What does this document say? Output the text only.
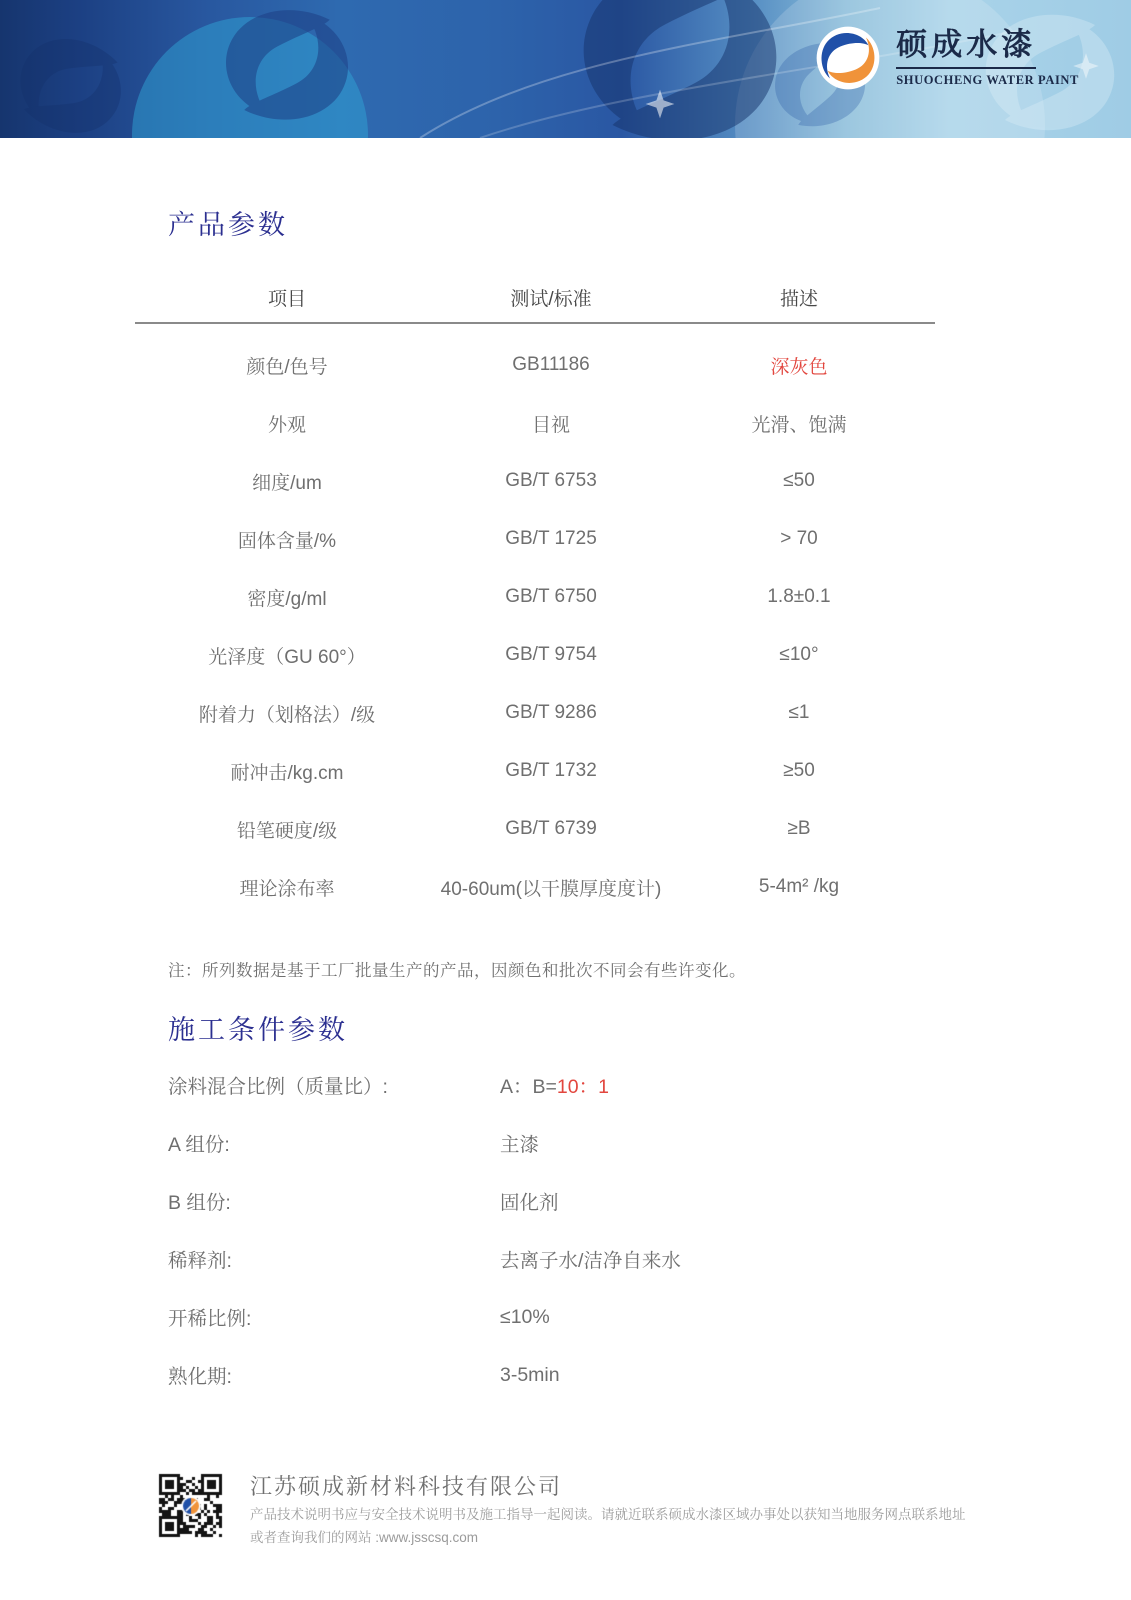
硕成水漆
SHUOCHENG WATER PAINT
产品参数
项目	测试/标准	描述
颜色/色号	GB11186	深灰色
外观	目视	光滑、饱满
细度/um	GB/T 6753	≤50
固体含量/%	GB/T 1725	> 70
密度/g/ml	GB/T 6750	1.8±0.1
光泽度（GU 60°）	GB/T 9754	≤10°
附着力（划格法）/级	GB/T 9286	≤1
耐冲击/kg.cm	GB/T 1732	≥50
铅笔硬度/级	GB/T 6739	≥B
理论涂布率	40-60um(以干膜厚度度计)	5-4m² /kg
注：所列数据是基于工厂批量生产的产品，因颜色和批次不同会有些许变化。
施工条件参数
涂料混合比例（质量比）:	A：B=10：1
A 组份:	主漆
B 组份:	固化剂
稀释剂:	去离子水/洁净自来水
开稀比例:	≤10%
熟化期:	3-5min
江苏硕成新材料科技有限公司
产品技术说明书应与安全技术说明书及施工指导一起阅读。请就近联系硕成水漆区域办事处以获知当地服务网点联系地址
或者查询我们的网站 :www.jsscsq.com
